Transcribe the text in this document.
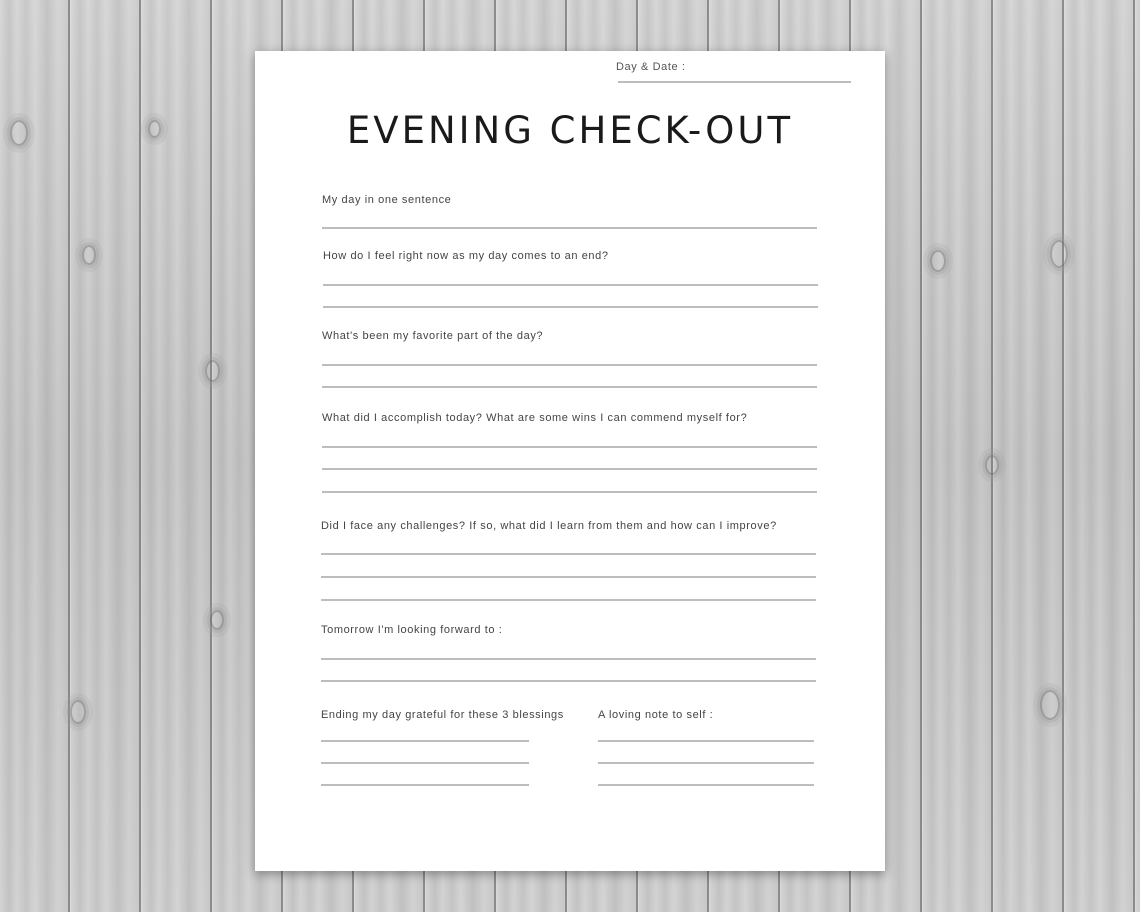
Day & Date :
EVENING CHECK-OUT
My day in one sentence
How do I feel right now as my day comes to an end?
What's been my favorite part of the day?
What did I accomplish today? What are some wins I can commend myself for?
Did I face any challenges? If so, what did I learn from them and how can I improve?
Tomorrow I'm looking forward to :
Ending my day grateful for these 3 blessings	A loving note to self :
